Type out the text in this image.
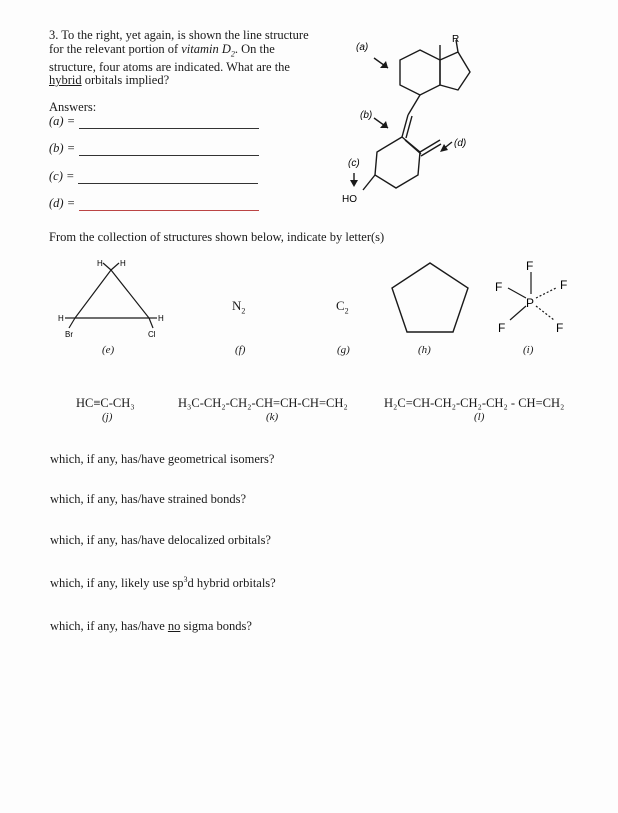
3. To the right, yet again, is shown the line structure for the relevant portion of vitamin $D_2$. On the structure, four atoms are indicated. What are the hybrid orbitals implied?
Answers:
(a) =
(b) =
(c) =
(d) =
(a)
(b)
(c)
(d)
R
HO
From the collection of structures shown below, indicate by letter(s)
H H
H	H
Br	Cl
(e)
$N_2$
(f)
$C_2$
(g)	(h)
F
F	F
P
F	F
(i)
HC≡C-CH₃
(j)
H₃C-CH₂-CH₂-CH=CH-CH=CH₂
(k)
H₂C=CH-CH₂-CH₂-CH₂ - CH=CH₂
(l)
which, if any, has/have geometrical isomers?
which, if any, has/have strained bonds?
which, if any, has/have delocalized orbitals?
which, if any, likely use $sp^3d$ hybrid orbitals?
which, if any, has/have no sigma bonds?
